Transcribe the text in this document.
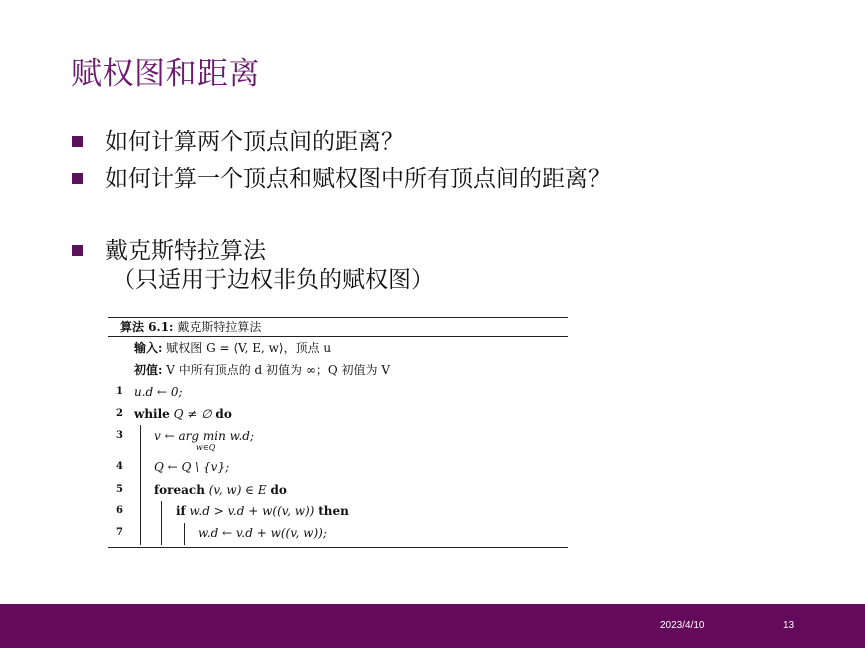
赋权图和距离
如何计算两个顶点间的距离？
如何计算一个顶点和赋权图中所有顶点间的距离？
戴克斯特拉算法
（只适用于边权非负的赋权图）
算法 6.1: 戴克斯特拉算法
输入: 赋权图 G = ⟨V, E, w⟩，顶点 u
初值: V 中所有顶点的 d 初值为 ∞；Q 初值为 V
1 u.d ← 0;
2 while Q ≠ ∅ do
3	v ← arg min w.d;
w∈Q
4	Q ← Q \ {v};
5	foreach (v, w) ∈ E do
6	if w.d > v.d + w((v, w)) then
7	w.d ← v.d + w((v, w));
2023/4/10	13
